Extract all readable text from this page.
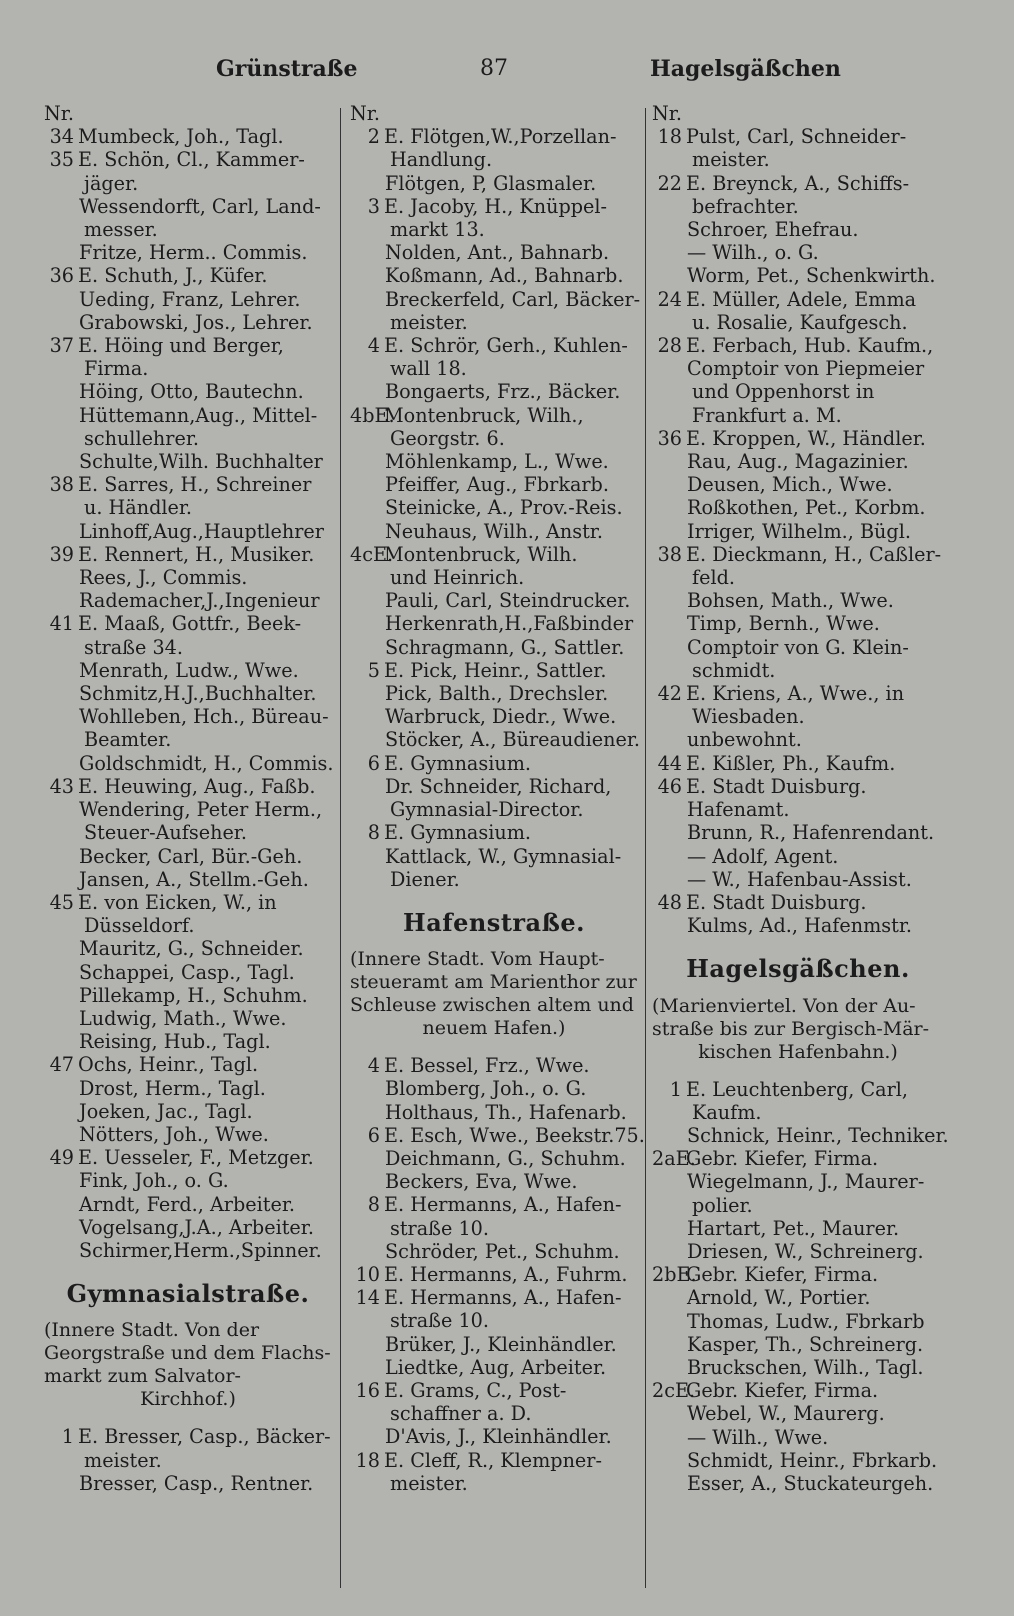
Grünstraße	87	Hagelsgäßchen
Nr.
34 Mumbeck, Joh., Tagl.
35 E. Schön, Cl., Kammer-
jäger.
Wessendorft, Carl, Land-
messer.
Fritze, Herm.. Commis.
36 E. Schuth, J., Küfer.
Ueding, Franz, Lehrer.
Grabowski, Jos., Lehrer.
37 E. Höing und Berger,
Firma.
Höing, Otto, Bautechn.
Hüttemann,Aug., Mittel-
schullehrer.
Schulte,Wilh. Buchhalter
38 E. Sarres, H., Schreiner
u. Händler.
Linhoff,Aug.,Hauptlehrer
39 E. Rennert, H., Musiker.
Rees, J., Commis.
Rademacher,J.,Ingenieur
41 E. Maaß, Gottfr., Beek-
straße 34.
Menrath, Ludw., Wwe.
Schmitz,H.J.,Buchhalter.
Wohlleben, Hch., Büreau-
Beamter.
Goldschmidt, H., Commis.
43 E. Heuwing, Aug., Faßb.
Wendering, Peter Herm.,
Steuer-Aufseher.
Becker, Carl, Bür.-Geh.
Jansen, A., Stellm.-Geh.
45 E. von Eicken, W., in
Düsseldorf.
Mauritz, G., Schneider.
Schappei, Casp., Tagl.
Pillekamp, H., Schuhm.
Ludwig, Math., Wwe.
Reising, Hub., Tagl.
47 Ochs, Heinr., Tagl.
Drost, Herm., Tagl.
Joeken, Jac., Tagl.
Nötters, Joh., Wwe.
49 E. Uesseler, F., Metzger.
Fink, Joh., o. G.
Arndt, Ferd., Arbeiter.
Vogelsang,J.A., Arbeiter.
Schirmer,Herm.,Spinner.
Gymnasialstraße.
(Innere Stadt. Von der
Georgstraße und dem Flachs-
markt zum Salvator-
Kirchhof.)
1 E. Bresser, Casp., Bäcker-
meister.
Bresser, Casp., Rentner.
Nr.
2 E. Flötgen,W.,Porzellan-
Handlung.
Flötgen, P, Glasmaler.
3 E. Jacoby, H., Knüppel-
markt 13.
Nolden, Ant., Bahnarb.
Koßmann, Ad., Bahnarb.
Breckerfeld, Carl, Bäcker-
meister.
4 E. Schrör, Gerh., Kuhlen-
wall 18.
Bongaerts, Frz., Bäcker.
4bE.
Montenbruck, Wilh.,
Georgstr. 6.
Möhlenkamp, L., Wwe.
Pfeiffer, Aug., Fbrkarb.
Steinicke, A., Prov.-Reis.
Neuhaus, Wilh., Anstr.
4cE.
Montenbruck, Wilh.
und Heinrich.
Pauli, Carl, Steindrucker.
Herkenrath,H.,Faßbinder
Schragmann, G., Sattler.
5 E. Pick, Heinr., Sattler.
Pick, Balth., Drechsler.
Warbruck, Diedr., Wwe.
Stöcker, A., Büreaudiener.
6 E. Gymnasium.
Dr. Schneider, Richard,
Gymnasial-Director.
8 E. Gymnasium.
Kattlack, W., Gymnasial-
Diener.
Hafenstraße.
(Innere Stadt. Vom Haupt-
steueramt am Marienthor zur
Schleuse zwischen altem und
neuem Hafen.)
4 E. Bessel, Frz., Wwe.
Blomberg, Joh., o. G.
Holthaus, Th., Hafenarb.
6 E. Esch, Wwe., Beekstr.75.
Deichmann, G., Schuhm.
Beckers, Eva, Wwe.
8 E. Hermanns, A., Hafen-
straße 10.
Schröder, Pet., Schuhm.
10 E. Hermanns, A., Fuhrm.
14 E. Hermanns, A., Hafen-
straße 10.
Brüker, J., Kleinhändler.
Liedtke, Aug, Arbeiter.
16 E. Grams, C., Post-
schaffner a. D.
D'Avis, J., Kleinhändler.
18 E. Cleff, R., Klempner-
meister.
Nr.
18 Pulst, Carl, Schneider-
meister.
22 E. Breynck, A., Schiffs-
befrachter.
Schroer, Ehefrau.
— Wilh., o. G.
Worm, Pet., Schenkwirth.
24 E. Müller, Adele, Emma
u. Rosalie, Kaufgesch.
28 E. Ferbach, Hub. Kaufm.,
Comptoir von Piepmeier
und Oppenhorst in
Frankfurt a. M.
36 E. Kroppen, W., Händler.
Rau, Aug., Magazinier.
Deusen, Mich., Wwe.
Roßkothen, Pet., Korbm.
Irriger, Wilhelm., Bügl.
38 E. Dieckmann, H., Caßler-
feld.
Bohsen, Math., Wwe.
Timp, Bernh., Wwe.
Comptoir von G. Klein-
schmidt.
42 E. Kriens, A., Wwe., in
Wiesbaden.
unbewohnt.
44 E. Kißler, Ph., Kaufm.
46 E. Stadt Duisburg.
Hafenamt.
Brunn, R., Hafenrendant.
— Adolf, Agent.
— W., Hafenbau-Assist.
48 E. Stadt Duisburg.
Kulms, Ad., Hafenmstr.
Hagelsgäßchen.
(Marienviertel. Von der Au-
straße bis zur Bergisch-Mär-
kischen Hafenbahn.)
1 E. Leuchtenberg, Carl,
Kaufm.
Schnick, Heinr., Techniker.
2aE.
Gebr. Kiefer, Firma.
Wiegelmann, J., Maurer-
polier.
Hartart, Pet., Maurer.
Driesen, W., Schreinerg.
2bE.
Gebr. Kiefer, Firma.
Arnold, W., Portier.
Thomas, Ludw., Fbrkarb
Kasper, Th., Schreinerg.
Bruckschen, Wilh., Tagl.
2cE.
Gebr. Kiefer, Firma.
Webel, W., Maurerg.
— Wilh., Wwe.
Schmidt, Heinr., Fbrkarb.
Esser, A., Stuckateurgeh.
